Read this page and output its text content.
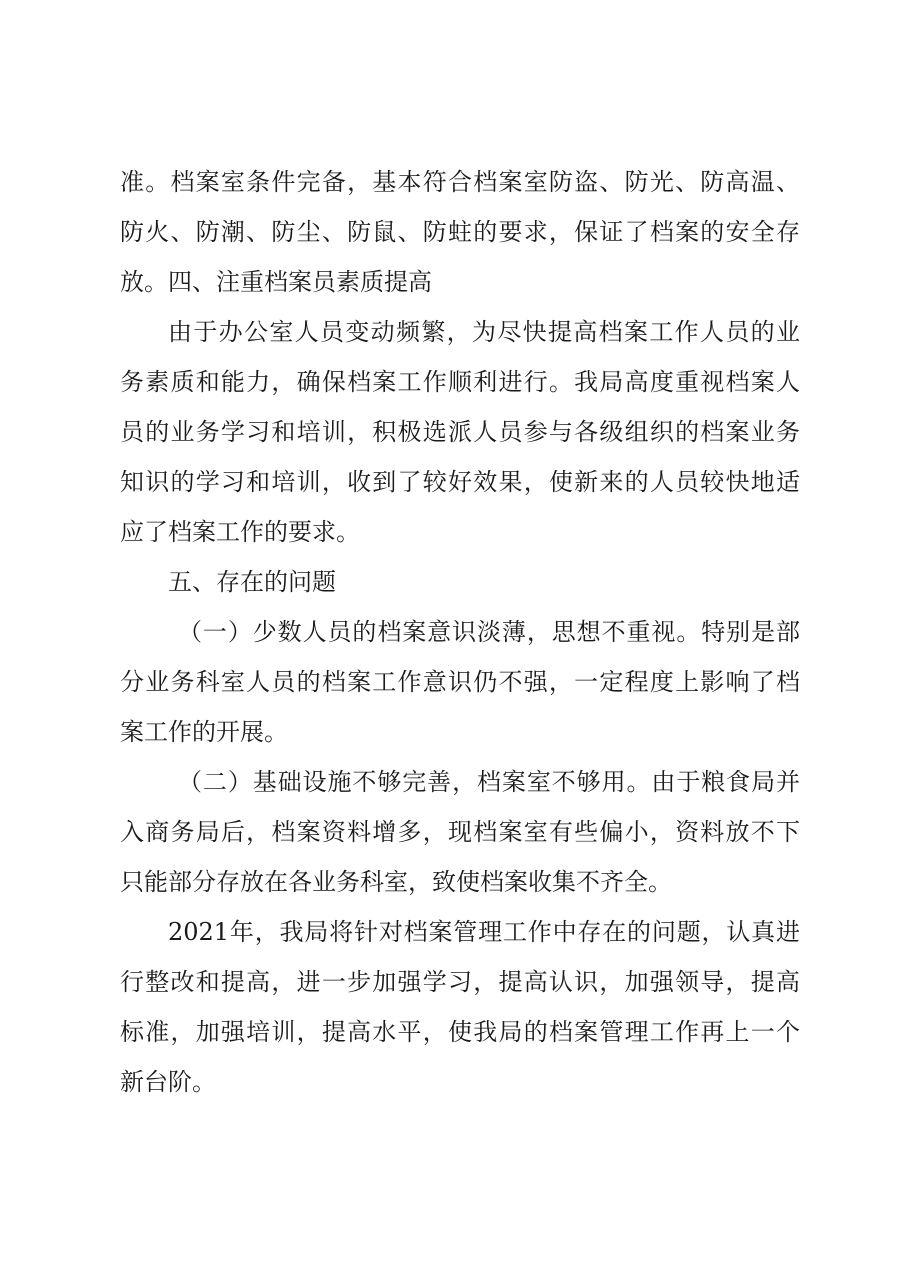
准。档案室条件完备，基本符合档案室防盗、防光、防高温、
防火、防潮、防尘、防鼠、防蛀的要求，保证了档案的安全存
放。四、注重档案员素质提高
由于办公室人员变动频繁，为尽快提高档案工作人员的业
务素质和能力，确保档案工作顺利进行。我局高度重视档案人
员的业务学习和培训，积极选派人员参与各级组织的档案业务
知识的学习和培训，收到了较好效果，使新来的人员较快地适
应了档案工作的要求。
五、存在的问题
（一）少数人员的档案意识淡薄，思想不重视。特别是部
分业务科室人员的档案工作意识仍不强，一定程度上影响了档
案工作的开展。
（二）基础设施不够完善，档案室不够用。由于粮食局并
入商务局后，档案资料增多，现档案室有些偏小，资料放不下
只能部分存放在各业务科室，致使档案收集不齐全。
2021年，我局将针对档案管理工作中存在的问题，认真进
行整改和提高，进一步加强学习，提高认识，加强领导，提高
标准，加强培训，提高水平，使我局的档案管理工作再上一个
新台阶。
